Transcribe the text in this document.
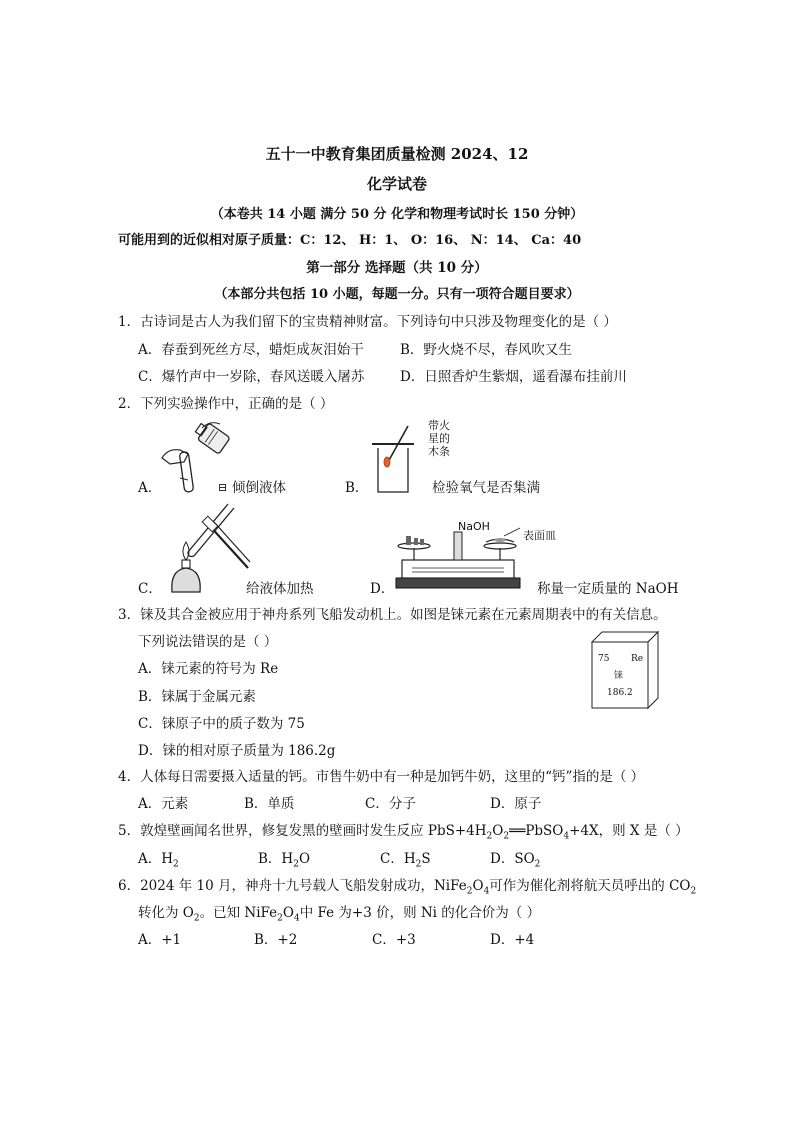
五十一中教育集团质量检测 2024、12
化学试卷
（本卷共 14 小题 满分 50 分 化学和物理考试时长 150 分钟）
可能用到的近似相对原子质量：C：12、 H：1、 O：16、 N：14、 Ca：40
第一部分 选择题（共 10 分）
（本部分共包括 10 小题，每题一分。只有一项符合题目要求）
1．古诗词是古人为我们留下的宝贵精神财富。下列诗句中只涉及物理变化的是（ ）
A．春蚕到死丝方尽，蜡炬成灰泪始干	B．野火烧不尽，春风吹又生
C．爆竹声中一岁除，春风送暖入屠苏	D．日照香炉生紫烟，遥看瀑布挂前川
2．下列实验操作中，正确的是（ ）
A．	⊟ 倾倒液体
带火
星的
木条
B．	检验氧气是否集满
C．	给液体加热
NaOH
表面皿
D．	称量一定质量的 NaOH
3．铼及其合金被应用于神舟系列飞船发动机上。如图是铼元素在元素周期表中的有关信息。
下列说法错误的是（ ）
A．铼元素的符号为 Re
B．铼属于金属元素
C．铼原子中的质子数为 75
D．铼的相对原子质量为 186.2g
75 Re
铼
186.2
4．人体每日需要摄入适量的钙。市售牛奶中有一种是加钙牛奶，这里的“钙”指的是（ ）
A．元素	B．单质	C．分子	D．原子
5．敦煌壁画闻名世界，修复发黑的壁画时发生反应 $PbS+4H_2O_2══PbSO_4+4X$，则 X 是（ ）
A．$H_2$	B．$H_2O$	C．$H_2S$	D．$SO_2$
6．2024 年 10 月，神舟十九号载人飞船发射成功，$NiFe_2O_4$可作为催化剂将航天员呼出的 $CO_2$
转化为 $O_2$。已知 $NiFe_2O_4$中 Fe 为+3 价，则 Ni 的化合价为（ ）
A．+1	B．+2	C．+3	D．+4
